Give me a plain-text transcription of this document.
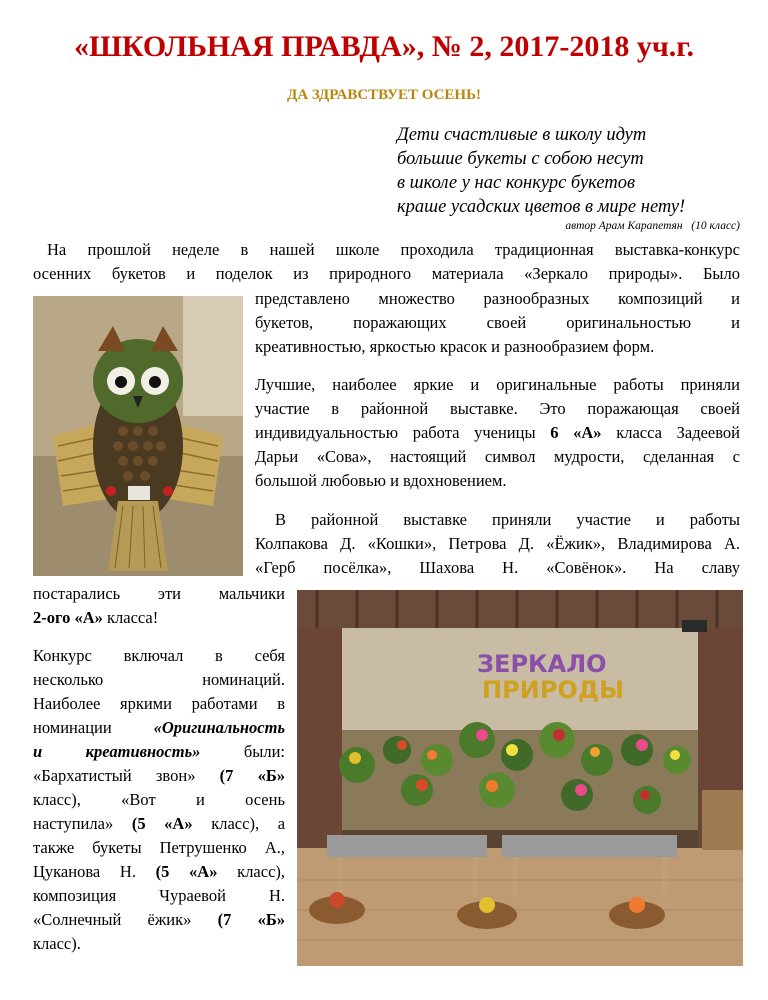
«ШКОЛЬНАЯ ПРАВДА», № 2, 2017-2018 уч.г.
ДА ЗДРАВСТВУЕТ ОСЕНЬ!
Дети счастливые в школу идут
большие букеты с собою несут
в школе у нас конкурс букетов
краше усадских цветов в мире нету!
автор Арам Карапетян (10 класс)
На прошлой неделе в нашей школе проходила традиционная выставка-конкурс
осенних букетов и поделок из природного материала «Зеркало природы». Было
представлено множество разнообразных композиций и
букетов, поражающих своей оригинальностью и
креативностью, яркостью красок и разнообразием форм.
Лучшие, наиболее яркие и оригинальные работы приняли
участие в районной выставке. Это поражающая своей
индивидуальностью работа ученицы 6 «А» класса Задеевой
Дарьи «Сова», настоящий символ мудрости, сделанная с
большой любовью и вдохновением.
В районной выставке приняли участие и работы
Колпакова Д. «Кошки», Петрова Д. «Ёжик», Владимирова А.
«Герб посёлка», Шахова Н. «Совёнок». На славу
постарались эти мальчики
2-ого «А» класса!
Конкурс включал в себя
несколько номинаций.
Наиболее яркими работами в
номинации	«Оригинальность
и креативность»	были:
«Бархатистый звон» (7 «Б»
класс), «Вот и осень
наступила» (5 «А» класс), а
также букеты Петрушенко А.,
Цуканова Н. (5 «А» класс),
композиция Чураевой Н.
«Солнечный ёжик» (7 «Б»
класс).
ЗЕРКАЛО
ПРИРОДЫ
